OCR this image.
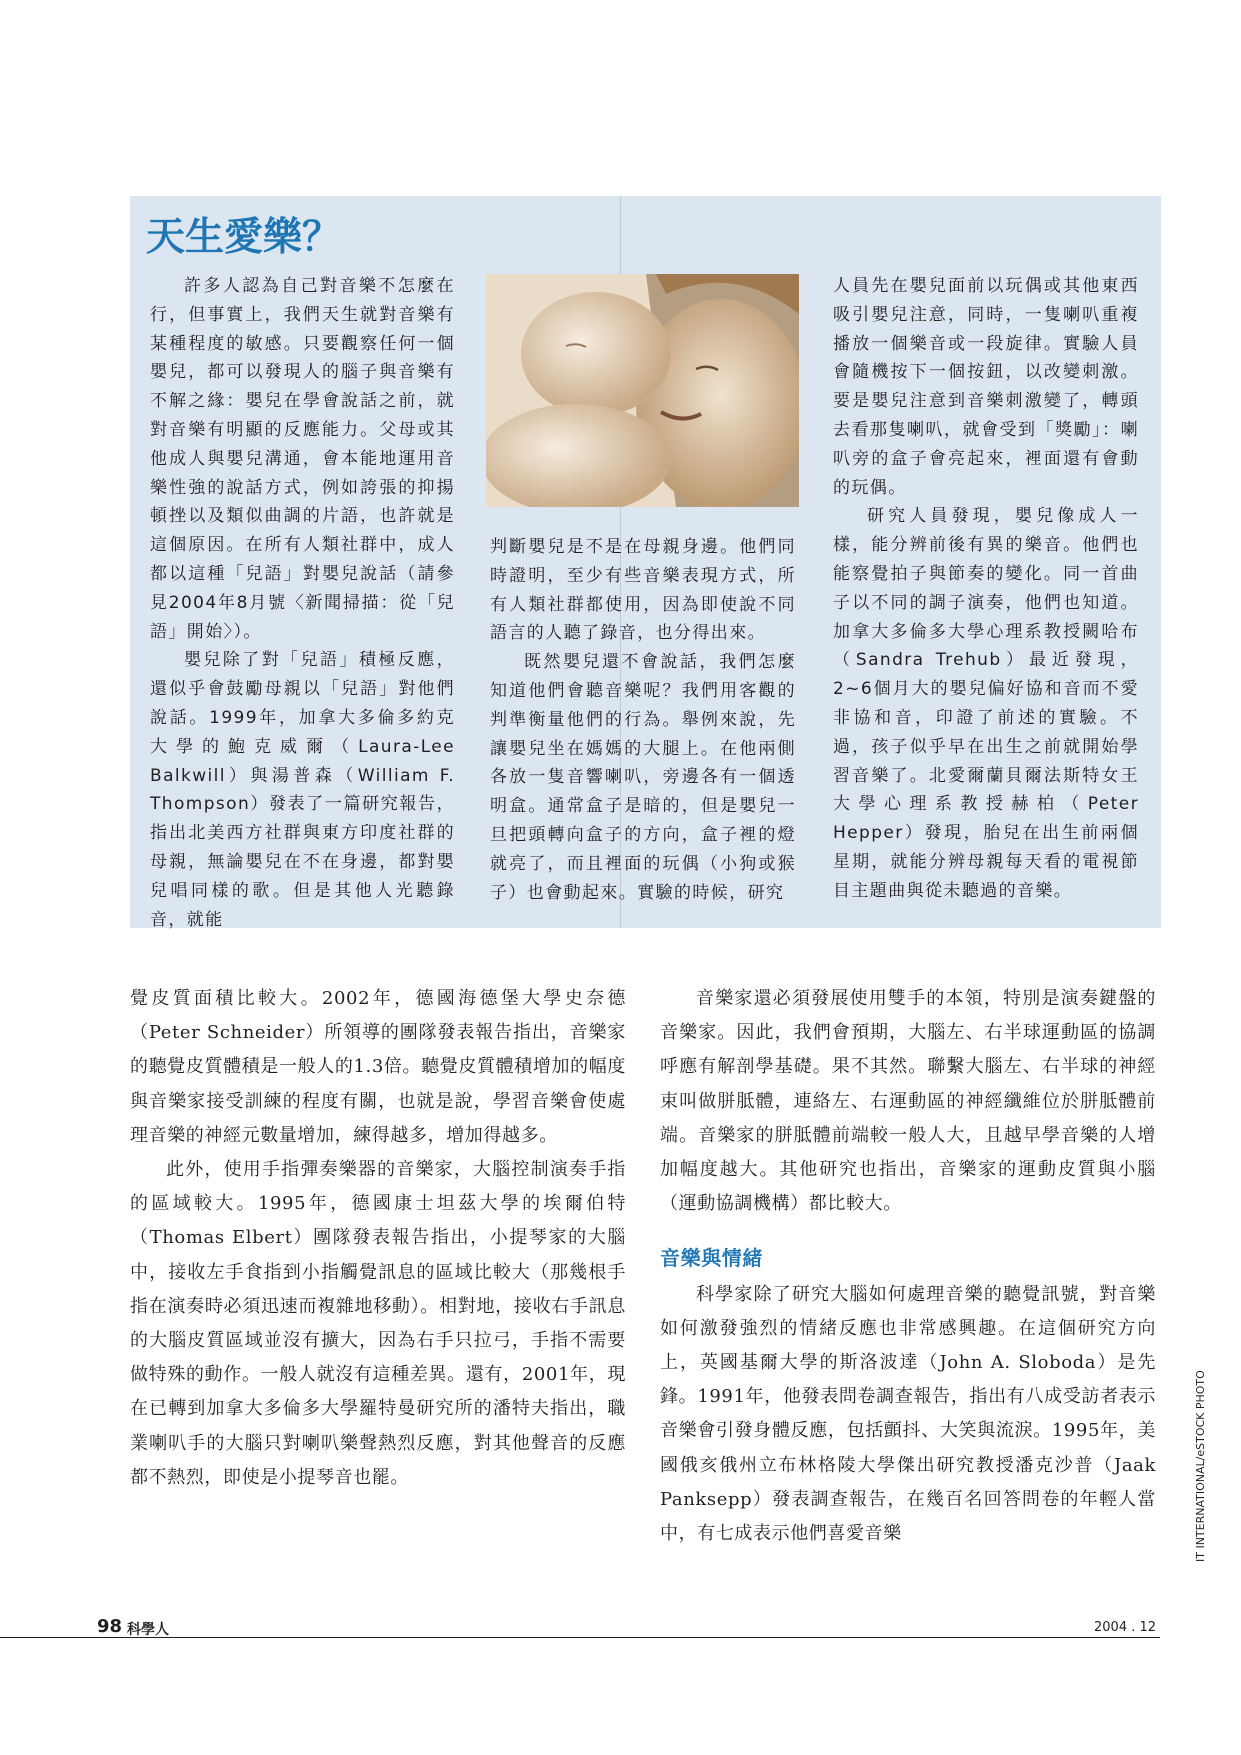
天生愛樂？

許多人認為自己對音樂不怎麼在行，但事實上，我們天生就對音樂有某種程度的敏感。只要觀察任何一個嬰兒，都可以發現人的腦子與音樂有不解之緣：嬰兒在學會說話之前，就對音樂有明顯的反應能力。父母或其他成人與嬰兒溝通，會本能地運用音樂性強的說話方式，例如誇張的抑揚頓挫以及類似曲調的片語，也許就是這個原因。在所有人類社群中，成人都以這種「兒語」對嬰兒說話（請參見2004年8月號〈新聞掃描：從「兒語」開始〉）。

嬰兒除了對「兒語」積極反應，還似乎會鼓勵母親以「兒語」對他們說話。1999年，加拿大多倫多約克大學的鮑克威爾（Laura-Lee Balkwill）與湯普森（William F. Thompson）發表了一篇研究報告，指出北美西方社群與東方印度社群的母親，無論嬰兒在不在身邊，都對嬰兒唱同樣的歌。但是其他人光聽錄音，就能

判斷嬰兒是不是在母親身邊。他們同時證明，至少有些音樂表現方式，所有人類社群都使用，因為即使說不同語言的人聽了錄音，也分得出來。

既然嬰兒還不會說話，我們怎麼知道他們會聽音樂呢？我們用客觀的判準衡量他們的行為。舉例來說，先讓嬰兒坐在媽媽的大腿上。在他兩側各放一隻音響喇叭，旁邊各有一個透明盒。通常盒子是暗的，但是嬰兒一旦把頭轉向盒子的方向，盒子裡的燈就亮了，而且裡面的玩偶（小狗或猴子）也會動起來。實驗的時候，研究

人員先在嬰兒面前以玩偶或其他東西吸引嬰兒注意，同時，一隻喇叭重複播放一個樂音或一段旋律。實驗人員會隨機按下一個按鈕，以改變刺激。要是嬰兒注意到音樂刺激變了，轉頭去看那隻喇叭，就會受到「獎勵」：喇叭旁的盒子會亮起來，裡面還有會動的玩偶。

研究人員發現，嬰兒像成人一樣，能分辨前後有異的樂音。他們也能察覺拍子與節奏的變化。同一首曲子以不同的調子演奏，他們也知道。加拿大多倫多大學心理系教授闕哈布（Sandra Trehub）最近發現，2~6個月大的嬰兒偏好協和音而不愛非協和音，印證了前述的實驗。不過，孩子似乎早在出生之前就開始學習音樂了。北愛爾蘭貝爾法斯特女王大學心理系教授赫柏（Peter Hepper）發現，胎兒在出生前兩個星期，就能分辨母親每天看的電視節目主題曲與從未聽過的音樂。

覺皮質面積比較大。2002年，德國海德堡大學史奈德（Peter Schneider）所領導的團隊發表報告指出，音樂家的聽覺皮質體積是一般人的1.3倍。聽覺皮質體積增加的幅度與音樂家接受訓練的程度有關，也就是說，學習音樂會使處理音樂的神經元數量增加，練得越多，增加得越多。

此外，使用手指彈奏樂器的音樂家，大腦控制演奏手指的區域較大。1995年，德國康士坦茲大學的埃爾伯特（Thomas Elbert）團隊發表報告指出，小提琴家的大腦中，接收左手食指到小指觸覺訊息的區域比較大（那幾根手指在演奏時必須迅速而複雜地移動）。相對地，接收右手訊息的大腦皮質區域並沒有擴大，因為右手只拉弓，手指不需要做特殊的動作。一般人就沒有這種差異。還有，2001年，現在已轉到加拿大多倫多大學羅特曼研究所的潘特夫指出，職業喇叭手的大腦只對喇叭樂聲熱烈反應，對其他聲音的反應都不熱烈，即使是小提琴音也罷。

音樂家還必須發展使用雙手的本領，特別是演奏鍵盤的音樂家。因此，我們會預期，大腦左、右半球運動區的協調呼應有解剖學基礎。果不其然。聯繫大腦左、右半球的神經束叫做胼胝體，連絡左、右運動區的神經纖維位於胼胝體前端。音樂家的胼胝體前端較一般人大，且越早學音樂的人增加幅度越大。其他研究也指出，音樂家的運動皮質與小腦（運動協調機構）都比較大。

音樂與情緒

科學家除了研究大腦如何處理音樂的聽覺訊號，對音樂如何激發強烈的情緒反應也非常感興趣。在這個研究方向上，英國基爾大學的斯洛波達（John A. Sloboda）是先鋒。1991年，他發表問卷調查報告，指出有八成受訪者表示音樂會引發身體反應，包括顫抖、大笑與流淚。1995年，美國俄亥俄州立布林格陵大學傑出研究教授潘克沙普（Jaak Panksepp）發表調查報告，在幾百名回答問卷的年輕人當中，有七成表示他們喜愛音樂	IT INTERNATIONAL/eSTOCK PHOTO
98 科學人	2004 . 12
